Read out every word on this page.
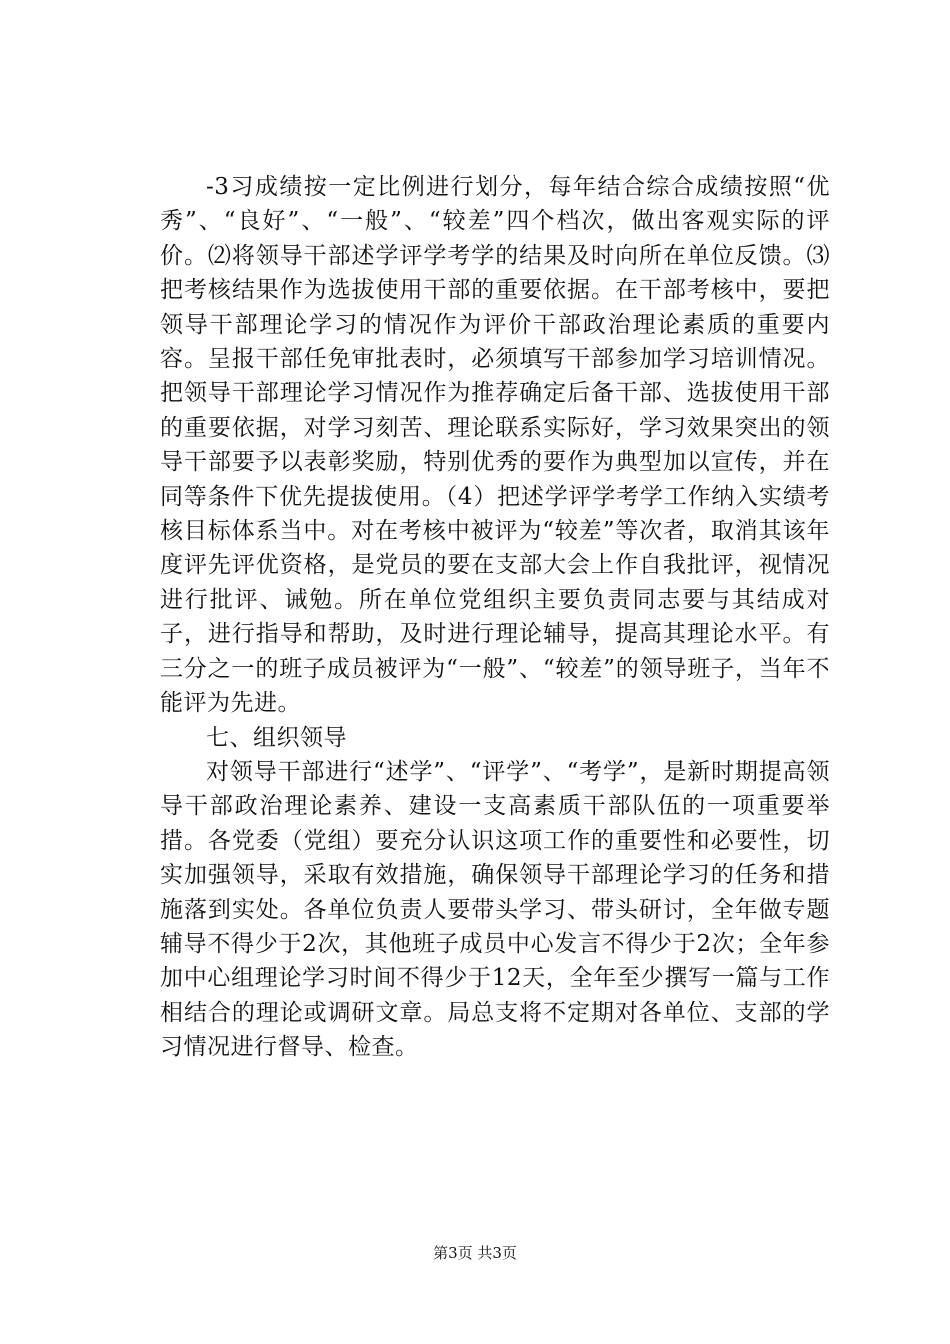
-3习成绩按一定比例进行划分，每年结合综合成绩按照“优秀”、“良好”、“一般”、“较差”四个档次，做出客观实际的评价。⑵将领导干部述学评学考学的结果及时向所在单位反馈。⑶把考核结果作为选拔使用干部的重要依据。在干部考核中，要把领导干部理论学习的情况作为评价干部政治理论素质的重要内容。呈报干部任免审批表时，必须填写干部参加学习培训情况。把领导干部理论学习情况作为推荐确定后备干部、选拔使用干部的重要依据，对学习刻苦、理论联系实际好，学习效果突出的领导干部要予以表彰奖励，特别优秀的要作为典型加以宣传，并在同等条件下优先提拔使用。（4）把述学评学考学工作纳入实绩考核目标体系当中。对在考核中被评为“较差”等次者，取消其该年度评先评优资格，是党员的要在支部大会上作自我批评，视情况进行批评、诫勉。所在单位党组织主要负责同志要与其结成对子，进行指导和帮助，及时进行理论辅导，提高其理论水平。有三分之一的班子成员被评为“一般”、“较差”的领导班子，当年不能评为先进。

七、组织领导

对领导干部进行“述学”、“评学”、“考学”，是新时期提高领导干部政治理论素养、建设一支高素质干部队伍的一项重要举措。各党委（党组）要充分认识这项工作的重要性和必要性，切实加强领导，采取有效措施，确保领导干部理论学习的任务和措施落到实处。各单位负责人要带头学习、带头研讨，全年做专题辅导不得少于2次，其他班子成员中心发言不得少于2次；全年参加中心组理论学习时间不得少于12天，全年至少撰写一篇与工作相结合的理论或调研文章。局总支将不定期对各单位、支部的学习情况进行督导、检查。

第3页 共3页
